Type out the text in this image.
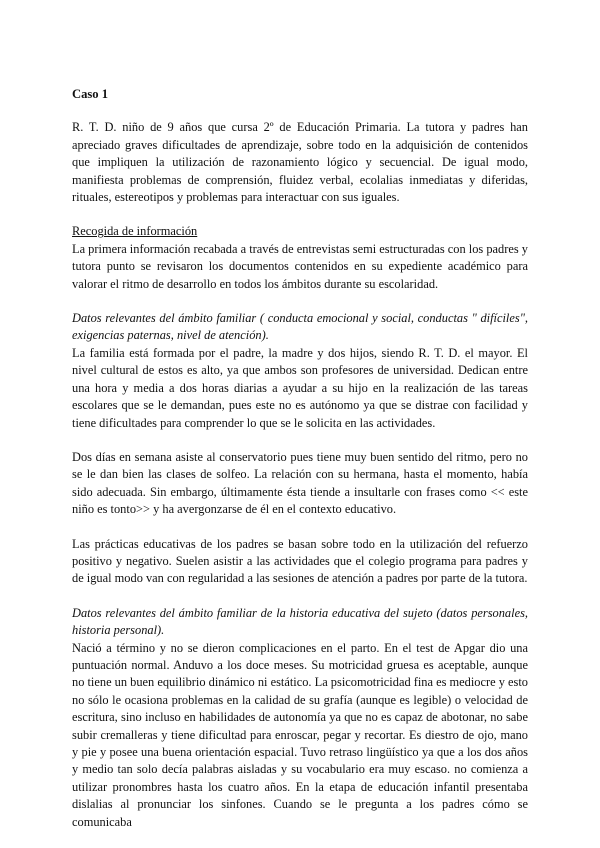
Caso 1

R. T. D. niño de 9 años que cursa 2º de Educación Primaria. La tutora y padres han apreciado graves dificultades de aprendizaje, sobre todo en la adquisición de contenidos que impliquen la utilización de razonamiento lógico y secuencial. De igual modo, manifiesta problemas de comprensión, fluidez verbal, ecolalias inmediatas y diferidas, rituales, estereotipos y problemas para interactuar con sus iguales.

Recogida de información

La primera información recabada a través de entrevistas semi estructuradas con los padres y tutora punto se revisaron los documentos contenidos en su expediente académico para valorar el ritmo de desarrollo en todos los ámbitos durante su escolaridad.

Datos relevantes del ámbito familiar ( conducta emocional y social, conductas " difíciles", exigencias paternas, nivel de atención).

La familia está formada por el padre, la madre y dos hijos, siendo R. T. D. el mayor. El nivel cultural de estos es alto, ya que ambos son profesores de universidad. Dedican entre una hora y media a dos horas diarias a ayudar a su hijo en la realización de las tareas escolares que se le demandan, pues este no es autónomo ya que se distrae con facilidad y tiene dificultades para comprender lo que se le solicita en las actividades.

Dos días en semana asiste al conservatorio pues tiene muy buen sentido del ritmo, pero no se le dan bien las clases de solfeo. La relación con su hermana, hasta el momento, había sido adecuada. Sin embargo, últimamente ésta tiende a insultarle con frases como << este niño es tonto>> y ha avergonzarse de él en el contexto educativo.

Las prácticas educativas de los padres se basan sobre todo en la utilización del refuerzo positivo y negativo. Suelen asistir a las actividades que el colegio programa para padres y de igual modo van con regularidad a las sesiones de atención a padres por parte de la tutora.

Datos relevantes del ámbito familiar de la historia educativa del sujeto (datos personales, historia personal).

Nació a término y no se dieron complicaciones en el parto. En el test de Apgar dio una puntuación normal. Anduvo a los doce meses. Su motricidad gruesa es aceptable, aunque no tiene un buen equilibrio dinámico ni estático. La psicomotricidad fina es mediocre y esto no sólo le ocasiona problemas en la calidad de su grafía (aunque es legible) o velocidad de escritura, sino incluso en habilidades de autonomía ya que no es capaz de abotonar, no sabe subir cremalleras y tiene dificultad para enroscar, pegar y recortar. Es diestro de ojo, mano y pie y posee una buena orientación espacial. Tuvo retraso lingüístico ya que a los dos años y medio tan solo decía palabras aisladas y su vocabulario era muy escaso. no comienza a utilizar pronombres hasta los cuatro años. En la etapa de educación infantil presentaba dislalias al pronunciar los sinfones. Cuando se le pregunta a los padres cómo se comunicaba
